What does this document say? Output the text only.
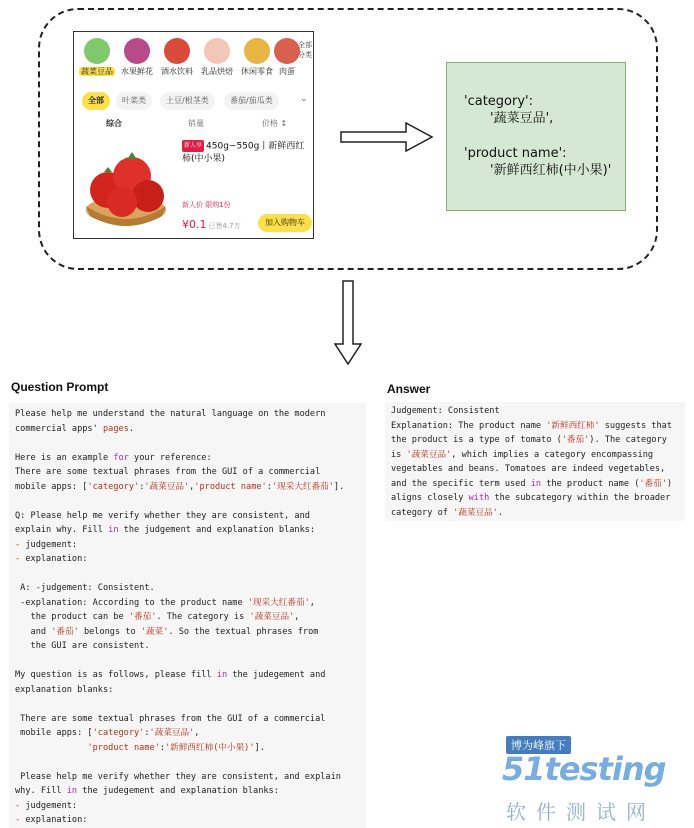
蔬菜豆品	水果鲜花	酒水饮料	乳品烘焙	休闲零食 肉蛋
全部分类
全部	叶菜类	土豆/根茎类	番茄/茄瓜类	⌄
综合	销量	价格 ↕
新人享 450g~550g丨新鲜西红柿(中小果)
新人价 限购1份
¥0.1 已售4.7万	加入购物车
'category':
'蔬菜豆品',
'product name':
'新鲜西红柿(中小果)'
Question Prompt	Answer
Please help me understand the natural language on the modern
commercial apps' pages.

Here is an example for your reference:
There are some textual phrases from the GUI of a commercial
mobile apps: ['category':'蔬菜豆品','product name':'现采大红番茄'].

Q: Please help me verify whether they are consistent, and
explain why. Fill in the judgement and explanation blanks:
- judgement:
- explanation:

A: -judgement: Consistent.
-explanation: According to the product name '现采大红番茄',
the product can be '番茄'. The category is '蔬菜豆品',
and '番茄' belongs to '蔬菜'. So the textual phrases from
the GUI are consistent.

My question is as follows, please fill in the judegement and
explanation blanks:

There are some textual phrases from the GUI of a commercial
mobile apps: ['category':'蔬菜豆品',
'product name':'新鲜西红柿(中小果)'].

Please help me verify whether they are consistent, and explain
why. Fill in the judegement and explanation blanks:
- judgement:
- explanation:
Judgement: Consistent
Explanation: The product name '新鲜西红柿' suggests that
the product is a type of tomato ('番茄'). The category
is '蔬菜豆品', which implies a category encompassing
vegetables and beans. Tomatoes are indeed vegetables,
and the specific term used in the product name ('番茄')
aligns closely with the subcategory within the broader
category of '蔬菜豆品'.
博为峰旗下
51testing
软件测试网
